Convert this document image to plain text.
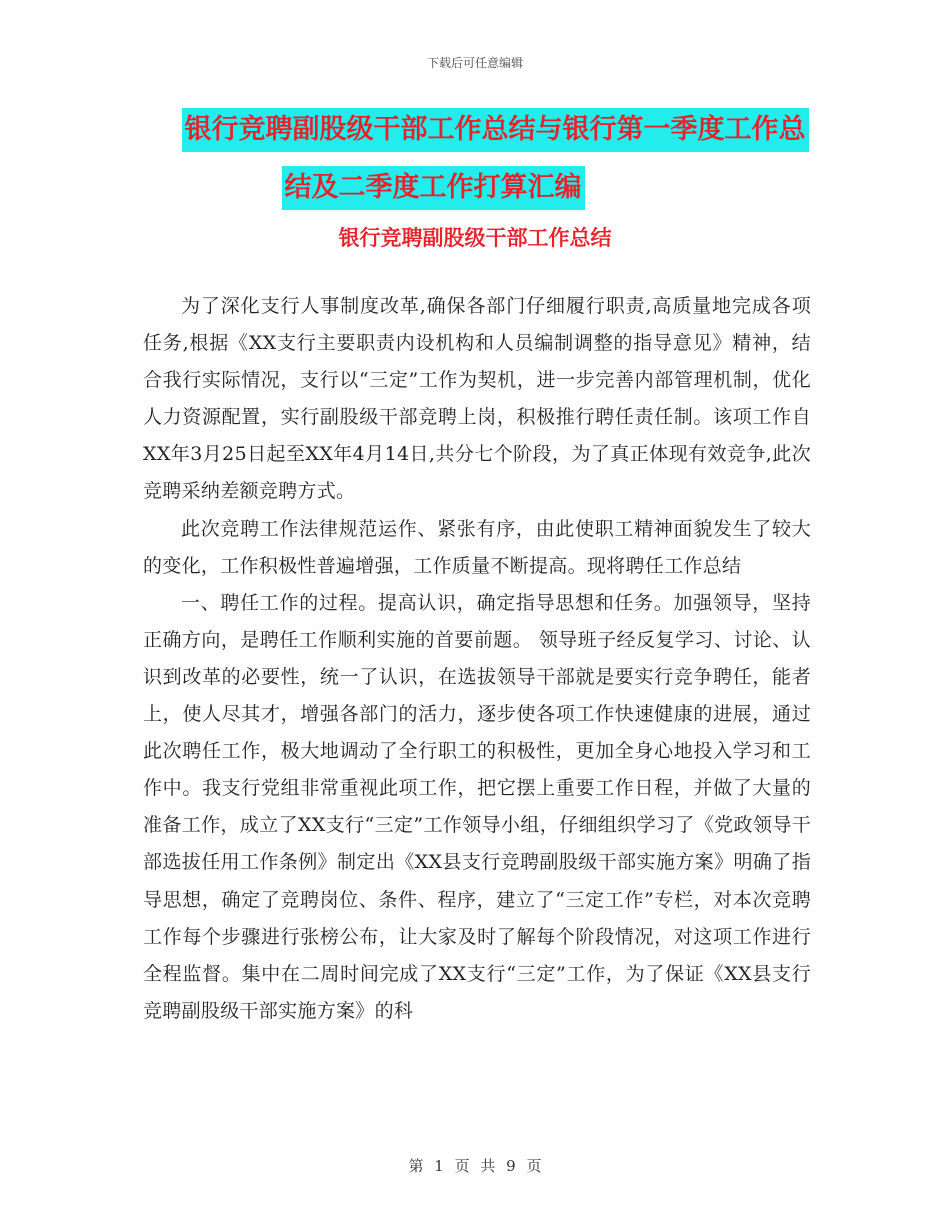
下载后可任意编辑
银行竞聘副股级干部工作总结与银行第一季度工作总
结及二季度工作打算汇编
银行竞聘副股级干部工作总结

为了深化支行人事制度改革,确保各部门仔细履行职责,高质量地完成各项任务,根据《XX支行主要职责内设机构和人员编制调整的指导意见》精神，结合我行实际情况，支行以“三定”工作为契机，进一步完善内部管理机制，优化人力资源配置，实行副股级干部竞聘上岗，积极推行聘任责任制。该项工作自XX年3月25日起至XX年4月14日,共分七个阶段，为了真正体现有效竞争,此次竞聘采纳差额竞聘方式。

此次竞聘工作法律规范运作、紧张有序，由此使职工精神面貌发生了较大的变化，工作积极性普遍增强，工作质量不断提高。现将聘任工作总结

一、聘任工作的过程。提高认识，确定指导思想和任务。加强领导，坚持正确方向，是聘任工作顺利实施的首要前题。 领导班子经反复学习、讨论、认识到改革的必要性，统一了认识，在选拔领导干部就是要实行竞争聘任，能者上，使人尽其才，增强各部门的活力，逐步使各项工作快速健康的进展，通过此次聘任工作，极大地调动了全行职工的积极性，更加全身心地投入学习和工作中。我支行党组非常重视此项工作，把它摆上重要工作日程，并做了大量的准备工作，成立了XX支行“三定”工作领导小组，仔细组织学习了《党政领导干部选拔任用工作条例》制定出《XX县支行竞聘副股级干部实施方案》明确了指导思想，确定了竞聘岗位、条件、程序，建立了“三定工作”专栏，对本次竞聘工作每个步骤进行张榜公布，让大家及时了解每个阶段情况，对这项工作进行全程监督。集中在二周时间完成了XX支行“三定”工作，为了保证《XX县支行竞聘副股级干部实施方案》的科

第 1 页 共 9 页
